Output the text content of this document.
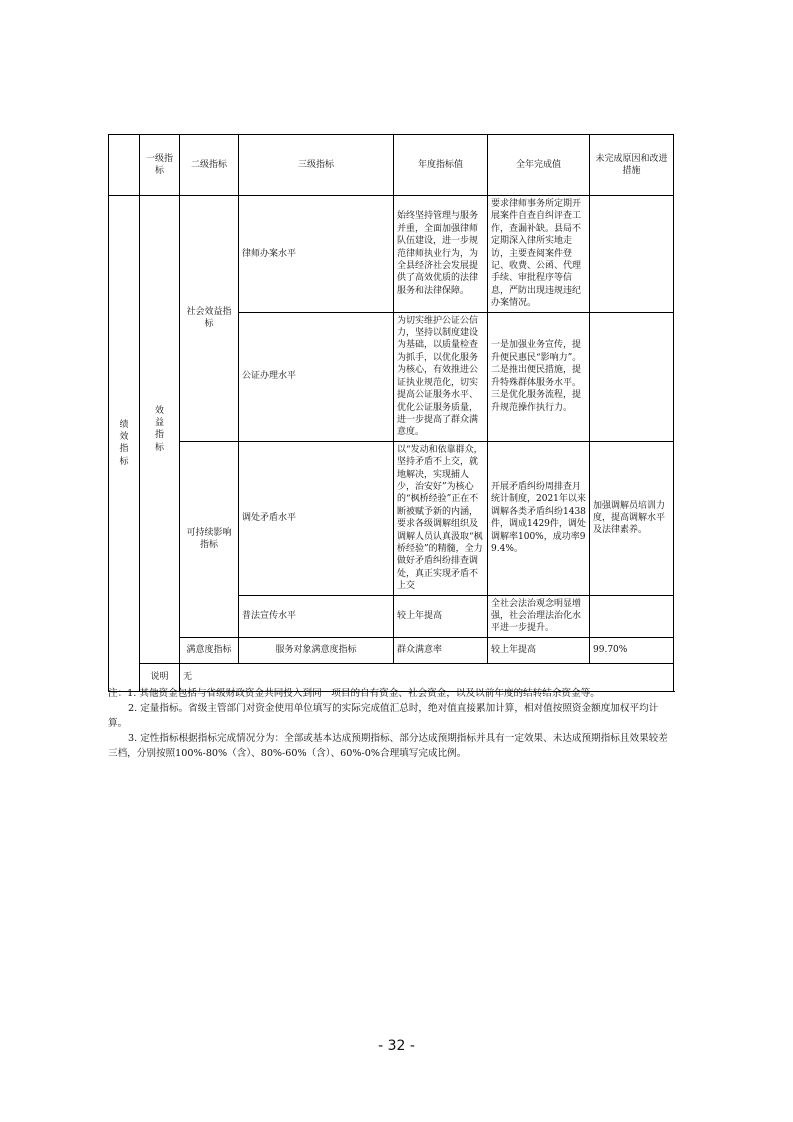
	一级指标	二级指标	三级指标	年度指标值	全年完成值	未完成原因和改进措施	
绩效指标	效益指标	社会效益指标	律师办案水平	始终坚持管理与服务并重，全面加强律师队伍建设，进一步规范律师执业行为，为全县经济社会发展提供了高效优质的法律服务和法律保障。	要求律师事务所定期开展案件自查自纠评查工作，查漏补缺。县局不定期深入律所实地走访，主要查阅案件登记、收费、公函、代理手续、审批程序等信息，严防出现违规违纪办案情况。		
			公证办理水平	为切实维护公证公信力，坚持以制度建设为基础，以质量检查为抓手，以优化服务为核心，有效推进公证执业规范化，切实提高公证服务水平、优化公证服务质量，进一步提高了群众满意度。	一是加强业务宣传，提升便民惠民“影响力”。二是推出便民措施，提升特殊群体服务水平。三是优化服务流程，提升规范操作执行力。		
		可持续影响指标	调处矛盾水平	以“发动和依靠群众，坚持矛盾不上交，就地解决，实现捕人少，治安好”为核心的“枫桥经验”正在不断被赋予新的内涵，要求各级调解组织及调解人员认真汲取“枫桥经验”的精髓，全力做好矛盾纠纷排查调处，真正实现矛盾不上交	开展矛盾纠纷周排查月统计制度，2021年以来调解各类矛盾纠纷1438件，调成1429件，调处调解率100%，成功率99.4%。	加强调解员培训力度，提高调解水平及法律素养。	
			普法宣传水平	较上年提高	全社会法治观念明显增强，社会治理法治化水平进一步提升。		
		满意度指标	服务对象满意度指标	群众满意率	较上年提高	99.70%	
	说明	无					

注：1. 其他资金包括与省级财政资金共同投入到同一项目的自有资金、社会资金，以及以前年度的结转结余资金等。

2. 定量指标。省级主管部门对资金使用单位填写的实际完成值汇总时，绝对值直接累加计算，相对值按照资金额度加权平均计算。

3. 定性指标根据指标完成情况分为：全部或基本达成预期指标、部分达成预期指标并具有一定效果、未达成预期指标且效果较差三档，分别按照100%-80%（含）、80%-60%（含）、60%-0%合理填写完成比例。

- 32 -
